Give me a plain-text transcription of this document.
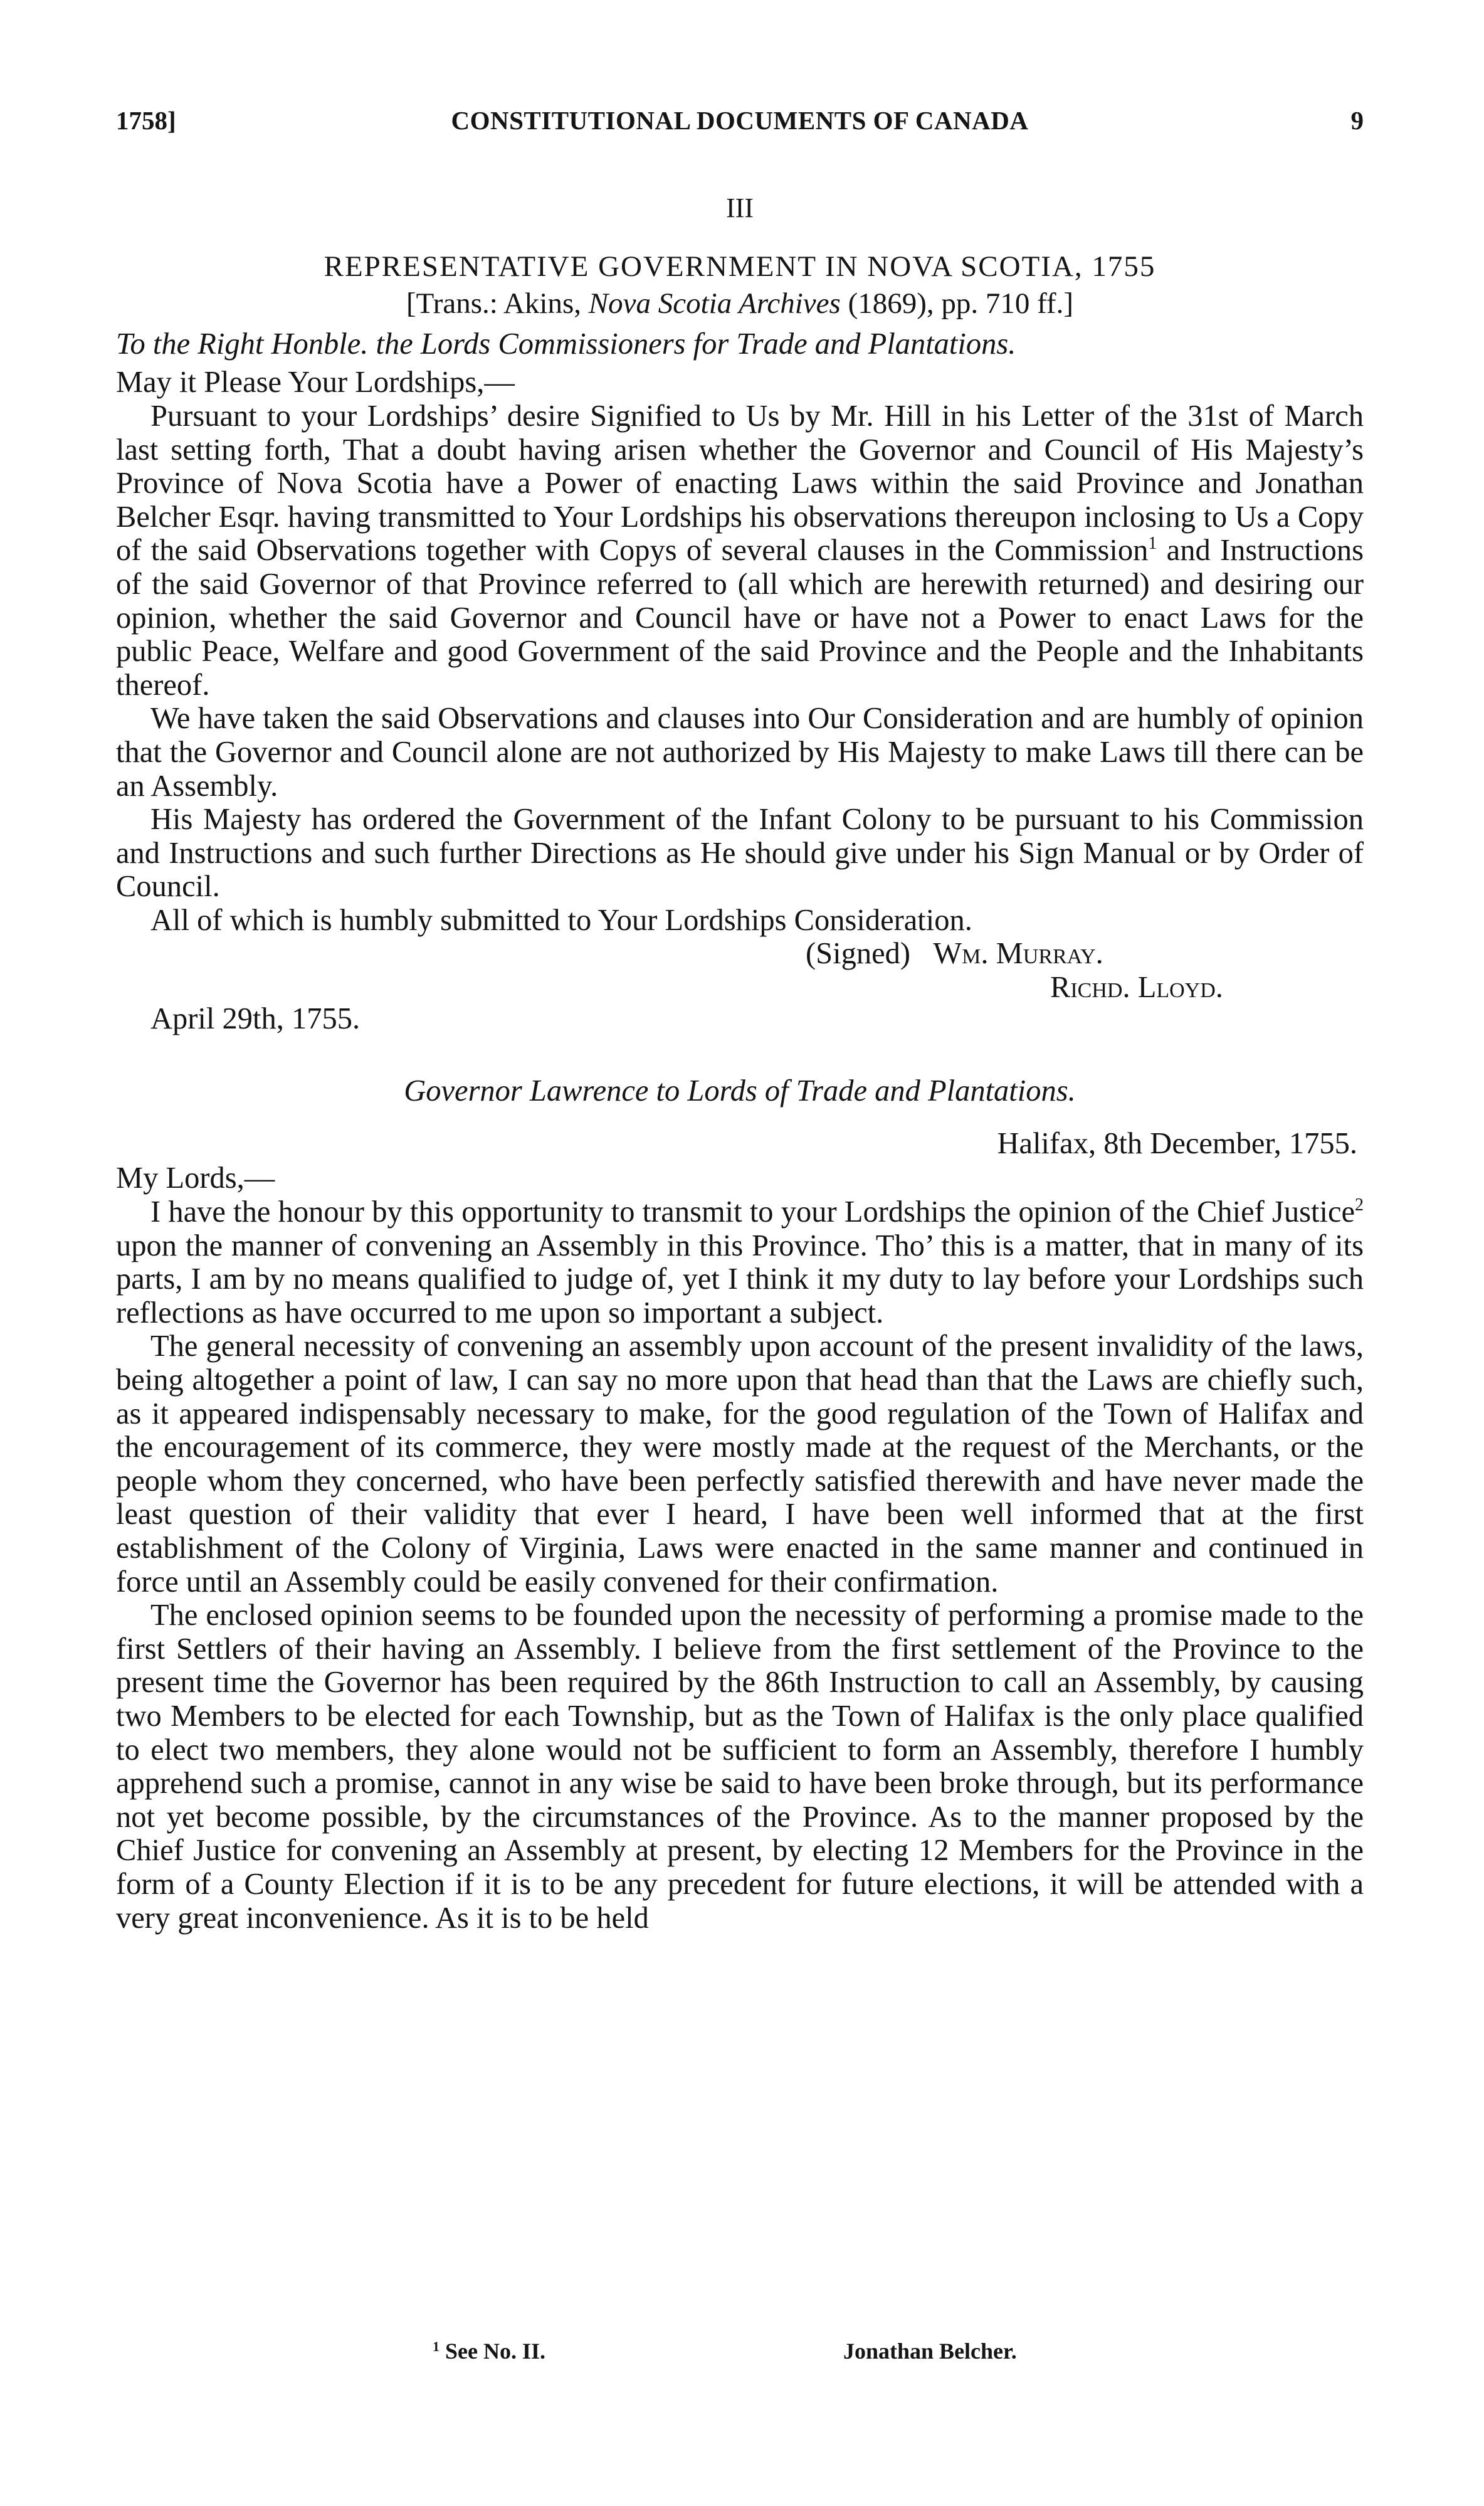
1758]	CONSTITUTIONAL DOCUMENTS OF CANADA	9
III
REPRESENTATIVE GOVERNMENT IN NOVA SCOTIA, 1755
[Trans.: Akins, Nova Scotia Archives (1869), pp. 710 ff.]
To the Right Honble. the Lords Commissioners for Trade and Plantations.

May it Please Your Lordships,—

Pursuant to your Lordships’ desire Signified to Us by Mr. Hill in his Letter of the 31st of March last setting forth, That a doubt having arisen whether the Governor and Council of His Majesty’s Province of Nova Scotia have a Power of enacting Laws within the said Province and Jonathan Belcher Esqr. having transmitted to Your Lordships his observations thereupon inclosing to Us a Copy of the said Observations together with Copys of several clauses in the Commission$^1$ and Instructions of the said Governor of that Province referred to (all which are herewith returned) and desiring our opinion, whether the said Governor and Council have or have not a Power to enact Laws for the public Peace, Welfare and good Government of the said Province and the People and the Inhabitants thereof.

We have taken the said Observations and clauses into Our Consideration and are humbly of opinion that the Governor and Council alone are not authorized by His Majesty to make Laws till there can be an Assembly.

His Majesty has ordered the Government of the Infant Colony to be pursuant to his Commission and Instructions and such further Directions as He should give under his Sign Manual or by Order of Council.

All of which is humbly submitted to Your Lordships Consideration.

(Signed) Wm. Murray.
Richd. Lloyd.
April 29th, 1755.
Governor Lawrence to Lords of Trade and Plantations.
Halifax, 8th December, 1755.

My Lords,—

I have the honour by this opportunity to transmit to your Lordships the opinion of the Chief Justice$^2$ upon the manner of convening an Assembly in this Province. Tho’ this is a matter, that in many of its parts, I am by no means qualified to judge of, yet I think it my duty to lay before your Lordships such reflections as have occurred to me upon so important a subject.

The general necessity of convening an assembly upon account of the present invalidity of the laws, being altogether a point of law, I can say no more upon that head than that the Laws are chiefly such, as it appeared indispensably necessary to make, for the good regulation of the Town of Halifax and the encouragement of its commerce, they were mostly made at the request of the Merchants, or the people whom they concerned, who have been perfectly satisfied therewith and have never made the least question of their validity that ever I heard, I have been well informed that at the first establishment of the Colony of Virginia, Laws were enacted in the same manner and continued in force until an Assembly could be easily convened for their confirmation.

The enclosed opinion seems to be founded upon the necessity of performing a promise made to the first Settlers of their having an Assembly. I believe from the first settlement of the Province to the present time the Governor has been required by the 86th Instruction to call an Assembly, by causing two Members to be elected for each Township, but as the Town of Halifax is the only place qualified to elect two members, they alone would not be sufficient to form an Assembly, therefore I humbly apprehend such a promise, cannot in any wise be said to have been broke through, but its performance not yet become possible, by the circumstances of the Province. As to the manner proposed by the Chief Justice for convening an Assembly at present, by electing 12 Members for the Province in the form of a County Election if it is to be any precedent for future elections, it will be attended with a very great inconvenience. As it is to be held

$^1$ See No. II.	Jonathan Belcher.
